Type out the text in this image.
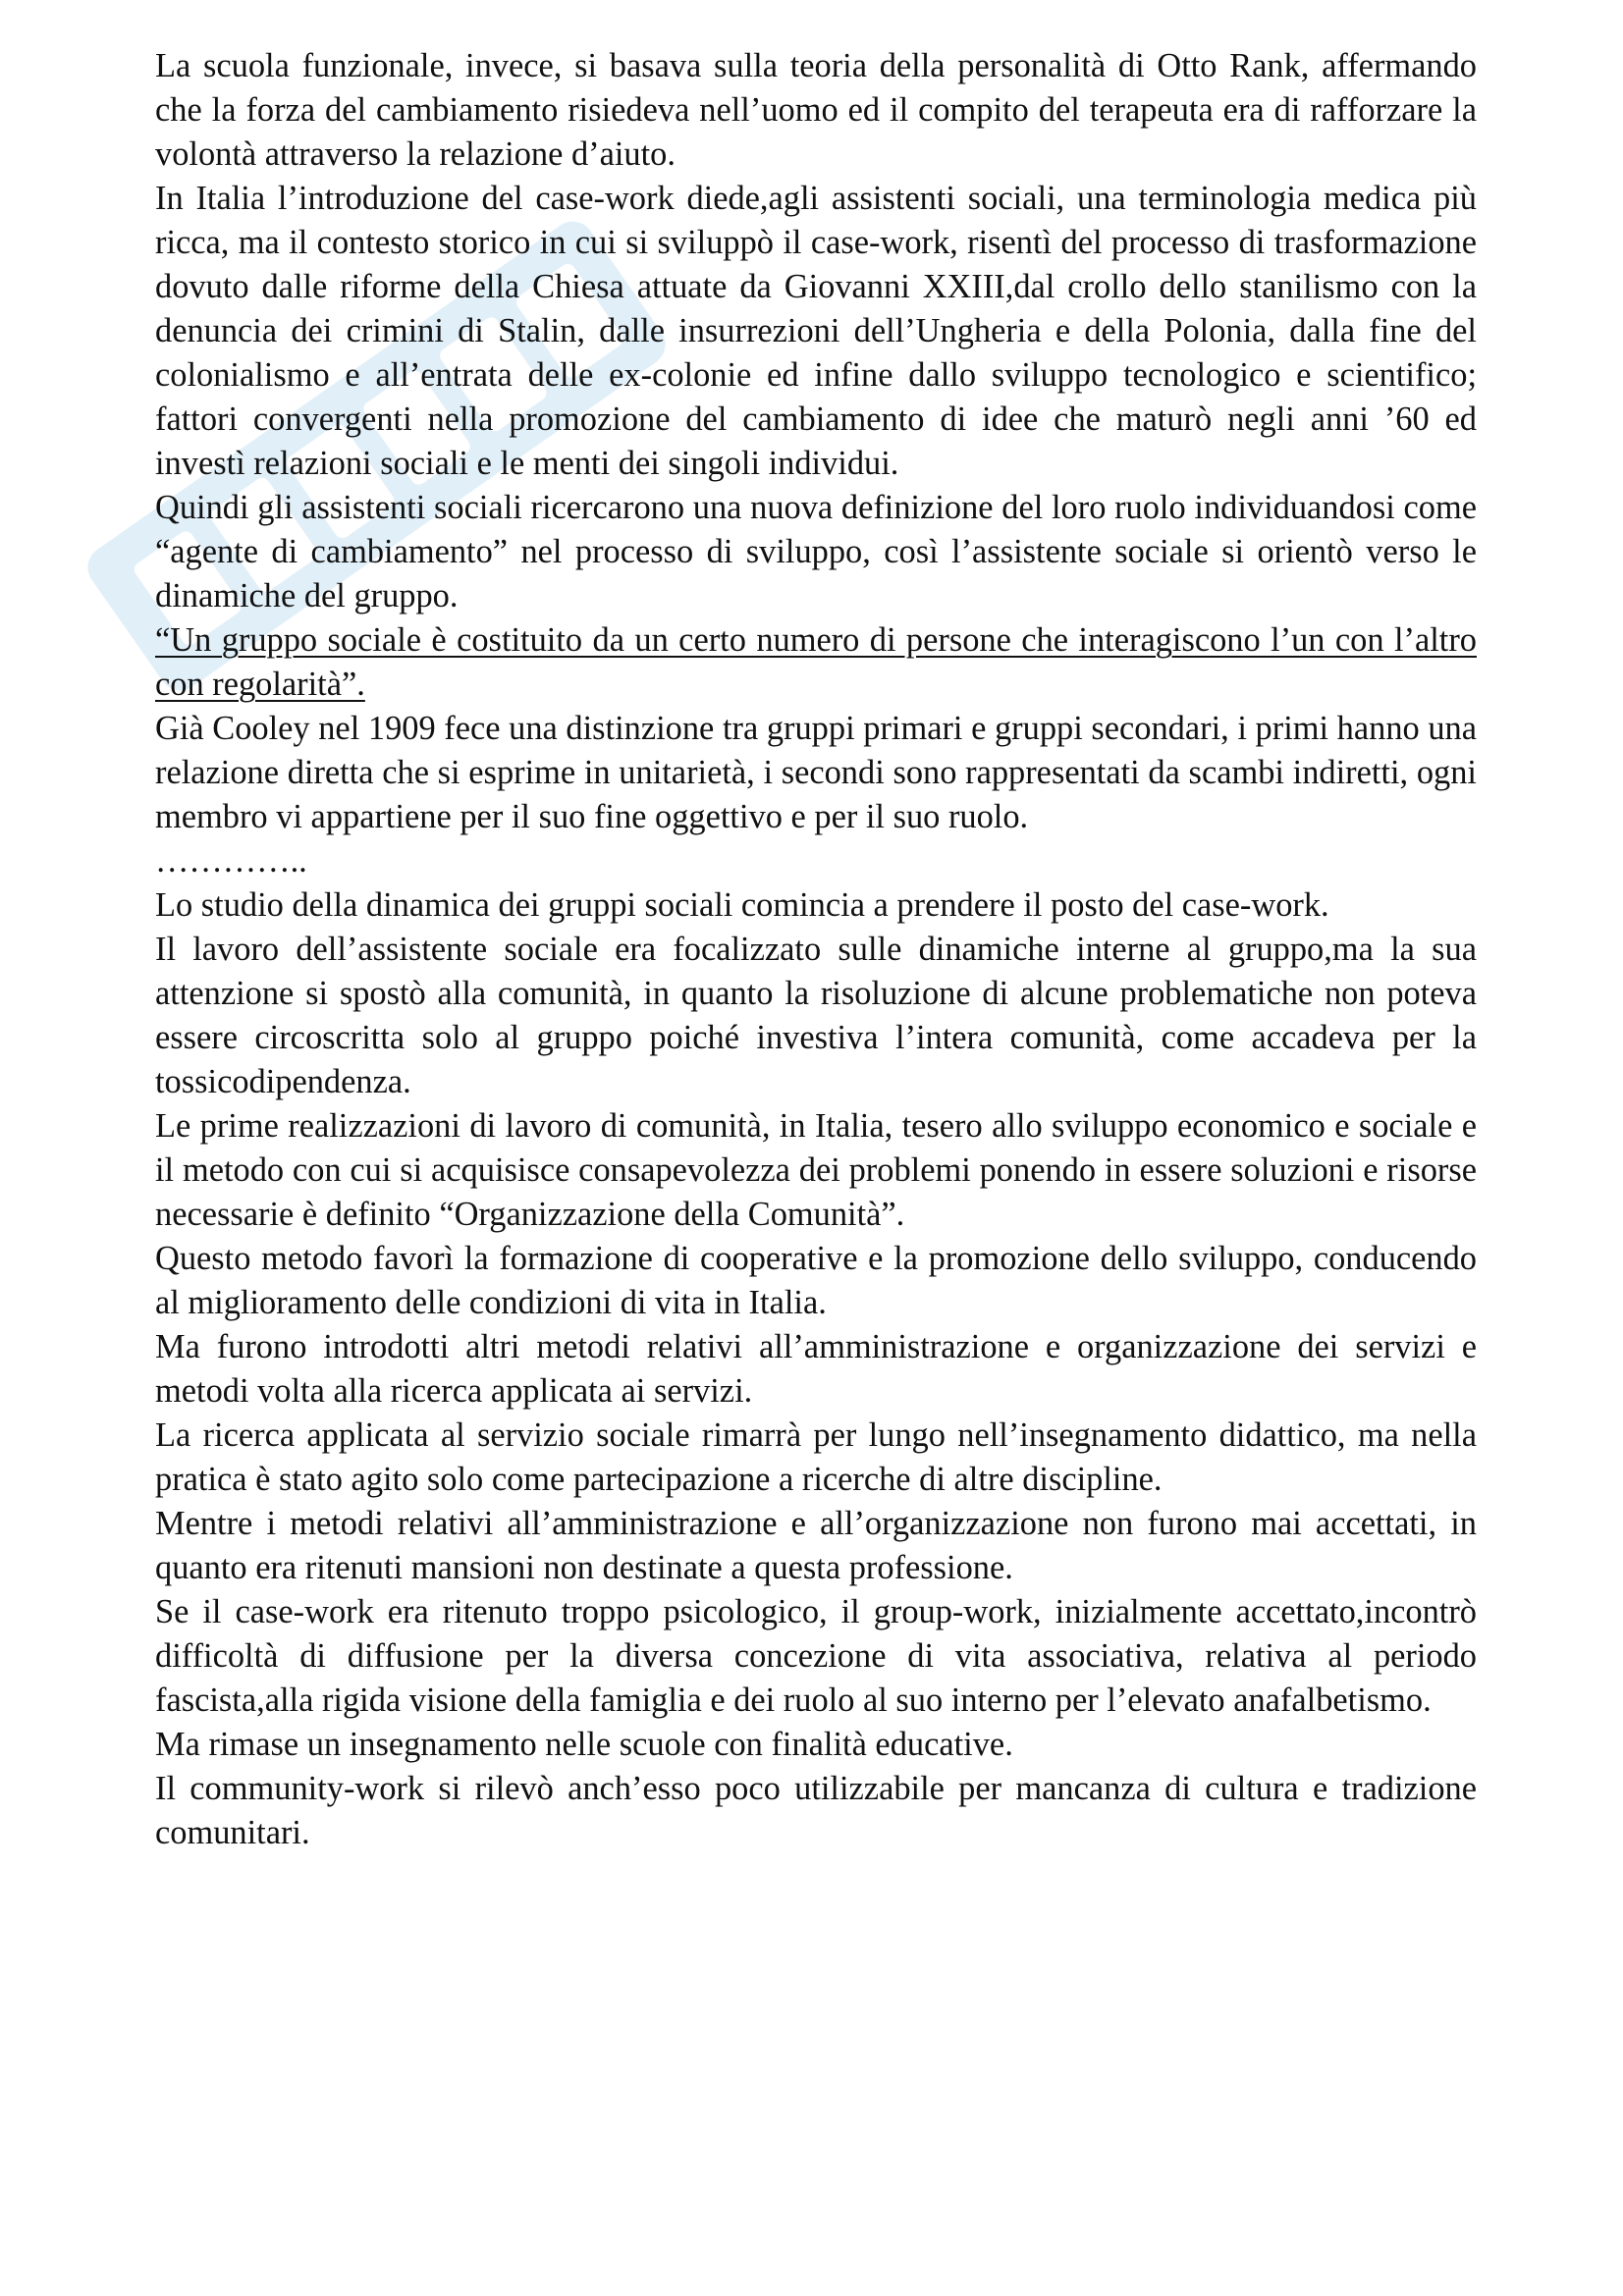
La scuola funzionale, invece, si basava sulla teoria della personalità di Otto Rank, affermando che la forza del cambiamento risiedeva nell’uomo ed il compito del terapeuta era di rafforzare la volontà attraverso la relazione d’aiuto.

In Italia l’introduzione del case-work diede,agli assistenti sociali, una terminologia medica più ricca, ma il contesto storico in cui si sviluppò il case-work, risentì del processo di trasformazione dovuto dalle riforme della Chiesa attuate da Giovanni XXIII,dal crollo dello stanilismo con la denuncia dei crimini di Stalin, dalle insurrezioni dell’Ungheria e della Polonia, dalla fine del colonialismo e all’entrata delle ex-colonie ed infine dallo sviluppo tecnologico e scientifico; fattori convergenti nella promozione del cambiamento di idee che maturò negli anni ’60 ed investì relazioni sociali e le menti dei singoli individui.

Quindi gli assistenti sociali ricercarono una nuova definizione del loro ruolo individuandosi come “agente di cambiamento” nel processo di sviluppo, così l’assistente sociale si orientò verso le dinamiche del gruppo.

“Un gruppo sociale è costituito da un certo numero di persone che interagiscono l’un con l’altro con regolarità”.

Già Cooley nel 1909 fece una distinzione tra gruppi primari e gruppi secondari, i primi hanno una relazione diretta che si esprime in unitarietà, i secondi sono rappresentati da scambi indiretti, ogni membro vi appartiene per il suo fine oggettivo e per il suo ruolo.

…………..

Lo studio della dinamica dei gruppi sociali comincia a prendere il posto del case-work.

Il lavoro dell’assistente sociale era focalizzato sulle dinamiche interne al gruppo,ma la sua attenzione si spostò alla comunità, in quanto la risoluzione di alcune problematiche non poteva essere circoscritta solo al gruppo poiché investiva l’intera comunità, come accadeva per la tossicodipendenza.

Le prime realizzazioni di lavoro di comunità, in Italia, tesero allo sviluppo economico e sociale e il metodo con cui si acquisisce consapevolezza dei problemi ponendo in essere soluzioni e risorse necessarie è definito “Organizzazione della Comunità”.

Questo metodo favorì la formazione di cooperative e la promozione dello sviluppo, conducendo al miglioramento delle condizioni di vita in Italia.

Ma furono introdotti altri metodi relativi all’amministrazione e organizzazione dei servizi e metodi volta alla ricerca applicata ai servizi.

La ricerca applicata al servizio sociale rimarrà per lungo nell’insegnamento didattico, ma nella pratica è stato agito solo come partecipazione a ricerche di altre discipline.

Mentre i metodi relativi all’amministrazione e all’organizzazione non furono mai accettati, in quanto era ritenuti mansioni non destinate a questa professione.

Se il case-work era ritenuto troppo psicologico, il group-work, inizialmente accettato,incontrò difficoltà di diffusione per la diversa concezione di vita associativa, relativa al periodo fascista,alla rigida visione della famiglia e dei ruolo al suo interno per l’elevato anafalbetismo.

Ma rimase un insegnamento nelle scuole con finalità educative.

Il community-work si rilevò anch’esso poco utilizzabile per mancanza di cultura e tradizione comunitari.
